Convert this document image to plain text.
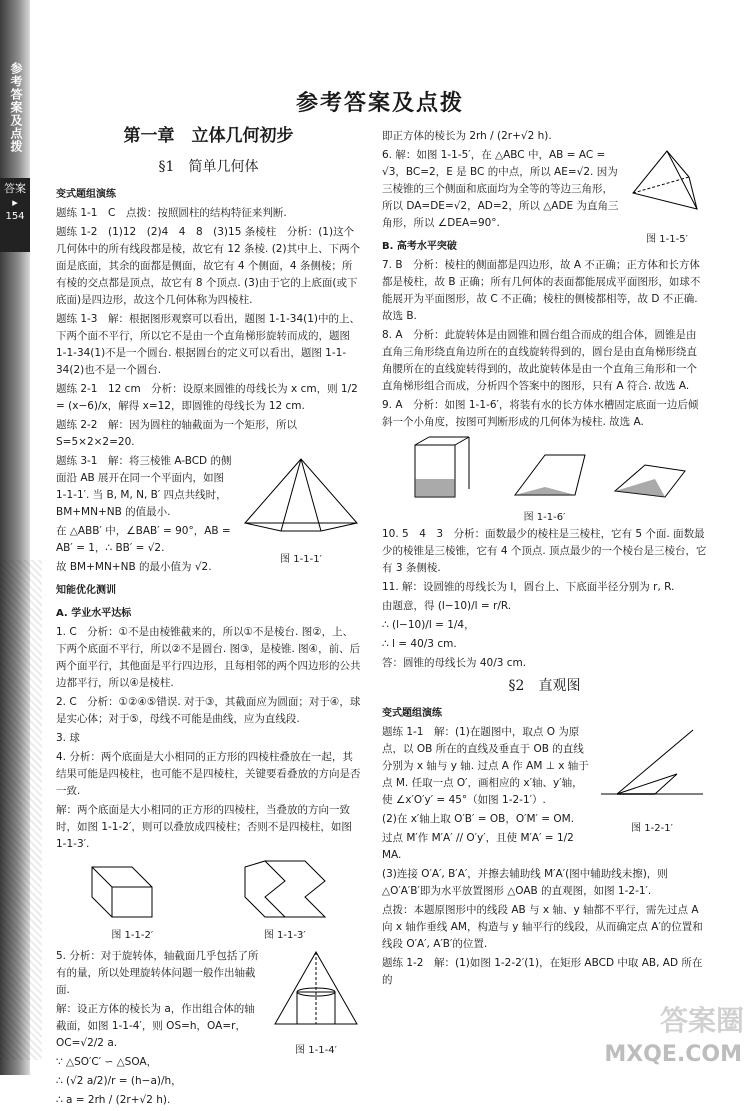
参考答案及点拨
答案
▸
154
参考答案及点拨
第一章　立体几何初步
§1　简单几何体
变式题组演练

题练 1-1　C　点拨：按照圆柱的结构特征来判断.

题练 1-2　(1)12　(2)4　4　8　(3)15 条棱柱　分析：(1)这个几何体中的所有线段都是棱，故它有 12 条棱. (2)其中上、下两个面是底面，其余的面都是侧面，故它有 4 个侧面，4 条侧棱；所有棱的交点都是顶点，故它有 8 个顶点. (3)由于它的上底面(或下底面)是四边形，故这个几何体称为四棱柱.

题练 1-3　解：根据图形观察可以看出，题图 1-1-34(1)中的上、下两个面不平行，所以它不是由一个直角梯形旋转而成的，题图 1-1-34(1)不是一个圆台. 根据圆台的定义可以看出，题图 1-1-34(2)也不是一个圆台.

题练 2-1　12 cm　分析：设原来圆锥的母线长为 x cm，则 1/2 = (x−6)/x，解得 x=12，即圆锥的母线长为 12 cm.

题练 2-2　解：因为圆柱的轴截面为一个矩形，所以 S=5×2×2=20.

图 1-1-1′

题练 3-1　解：将三棱锥 A-BCD 的侧面沿 AB 展开在同一个平面内，如图 1-1-1′. 当 B, M, N, B′ 四点共线时，BM+MN+NB 的值最小.

在 △ABB′ 中，∠BAB′ = 90°，AB = AB′ = 1，∴ BB′ = √2.

故 BM+MN+NB 的最小值为 √2.

知能优化测训
A. 学业水平达标

1. C　分析：①不是由棱锥截来的，所以①不是棱台. 图②，上、下两个底面不平行，所以②不是圆台. 图③，是棱锥. 图④，前、后两个面平行，其他面是平行四边形，且每相邻的两个四边形的公共边都平行，所以④是棱柱.

2. C　分析：①②④⑤错误. 对于③，其截面应为圆面；对于④，球是实心体；对于⑤，母线不可能是曲线，应为直线段.

3. 球

4. 分析：两个底面是大小相同的正方形的四棱柱叠放在一起，其结果可能是四棱柱，也可能不是四棱柱，关键要看叠放的方向是否一致.

解：两个底面是大小相同的正方形的四棱柱，当叠放的方向一致时，如图 1-1-2′，则可以叠放成四棱柱；否则不是四棱柱，如图 1-1-3′.

图 1-1-2′	图 1-1-3′
图 1-1-4′

5. 分析：对于旋转体，轴截面几乎包括了所有的量，所以处理旋转体问题一般作出轴截面.

解：设正方体的棱长为 a，作出组合体的轴截面，如图 1-1-4′，则 OS=h，OA=r，OC=√2/2 a.

∵ △SO′C′ ∽ △SOA，

∴ (√2 a/2)/r = (h−a)/h，

∴ a = 2rh / (2r+√2 h).

即正方体的棱长为 2rh / (2r+√2 h).

图 1-1-5′

6. 解：如图 1-1-5′，在 △ABC 中，AB = AC = √3，BC=2，E 是 BC 的中点，所以 AE=√2. 因为三棱锥的三个侧面和底面均为全等的等边三角形，所以 DA=DE=√2，AD=2，所以 △ADE 为直角三角形，所以 ∠DEA=90°.

B. 高考水平突破

7. B　分析：棱柱的侧面都是四边形，故 A 不正确；正方体和长方体都是棱柱，故 B 正确；所有几何体的表面都能展成平面图形，如球不能展开为平面图形，故 C 不正确；棱柱的侧棱都相等，故 D 不正确. 故选 B.

8. A　分析：此旋转体是由圆锥和圆台组合而成的组合体，圆锥是由直角三角形绕直角边所在的直线旋转得到的，圆台是由直角梯形绕直角腰所在的直线旋转得到的，故此旋转体是由一个直角三角形和一个直角梯形组合而成，分析四个答案中的图形，只有 A 符合. 故选 A.

9. A　分析：如图 1-1-6′，将装有水的长方体水槽固定底面一边后倾斜一个小角度，按图可判断形成的几何体为棱柱. 故选 A.

图 1-1-6′

10. 5　4　3　分析：面数最少的棱柱是三棱柱，它有 5 个面. 面数最少的棱锥是三棱锥，它有 4 个顶点. 顶点最少的一个棱台是三棱台，它有 3 条侧棱.

11. 解：设圆锥的母线长为 l，圆台上、下底面半径分别为 r, R.

由题意，得 (l−10)/l = r/R.

∴ (l−10)/l = 1/4，

∴ l = 40/3 cm.

答：圆锥的母线长为 40/3 cm.

§2　直观图
变式题组演练
图 1-2-1′

题练 1-1　解：(1)在题图中，取点 O 为原点，以 OB 所在的直线及垂直于 OB 的直线分别为 x 轴与 y 轴. 过点 A 作 AM ⊥ x 轴于点 M. 任取一点 O′，画相应的 x′轴、y′轴，使 ∠x′O′y′ = 45°（如图 1-2-1′）.

(2)在 x′轴上取 O′B′ = OB，O′M′ = OM.

过点 M′作 M′A′ // O′y′，且使 M′A′ = 1/2 MA.

(3)连接 O′A′, B′A′，并擦去辅助线 M′A′(图中辅助线未擦)，则 △O′A′B′即为水平放置图形 △OAB 的直观图，如图 1-2-1′.

点拨：本题原图形中的线段 AB 与 x 轴、y 轴都不平行，需先过点 A 向 x 轴作垂线 AM，构造与 y 轴平行的线段，从而确定点 A′的位置和线段 O′A′, A′B′的位置.

题练 1-2　解：(1)如图 1-2-2′(1)，在矩形 ABCD 中取 AB, AD 所在的

答案圈
MXQE.COM
